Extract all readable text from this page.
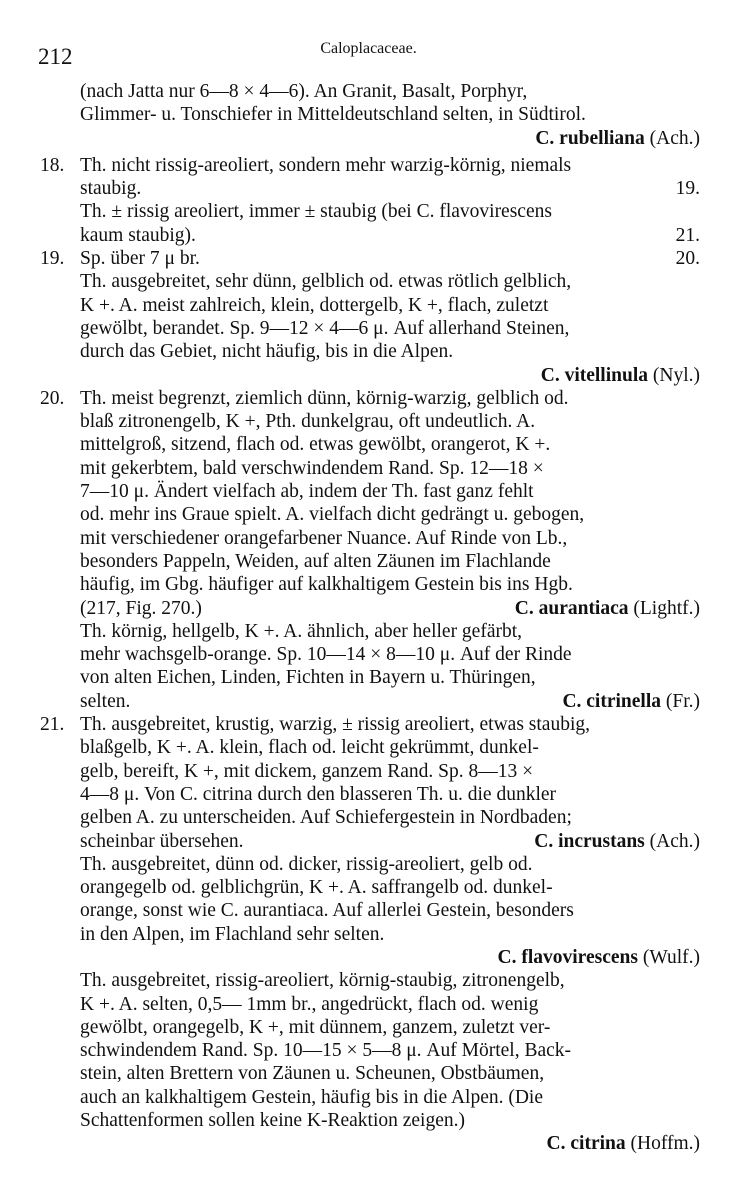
212	Caloplacaceae.
(nach Jatta nur 6—8 × 4—6). An Granit, Basalt, Porphyr,
Glimmer- u. Tonschiefer in Mitteldeutschland selten, in Südtirol.
C. rubelliana (Ach.)
18. Th. nicht rissig-areoliert, sondern mehr warzig-körnig, niemals
staubig.	19.
Th. ± rissig areoliert, immer ± staubig (bei C. flavovirescens
kaum staubig).	21.
19. Sp. über 7 μ br.	20.
Th. ausgebreitet, sehr dünn, gelblich od. etwas rötlich gelblich,
K +. A. meist zahlreich, klein, dottergelb, K +, flach, zuletzt
gewölbt, berandet. Sp. 9—12 × 4—6 μ. Auf allerhand Steinen,
durch das Gebiet, nicht häufig, bis in die Alpen.
C. vitellinula (Nyl.)
20. Th. meist begrenzt, ziemlich dünn, körnig-warzig, gelblich od.
blaß zitronengelb, K +, Pth. dunkelgrau, oft undeutlich. A.
mittelgroß, sitzend, flach od. etwas gewölbt, orangerot, K +.
mit gekerbtem, bald verschwindendem Rand. Sp. 12—18 ×
7—10 μ. Ändert vielfach ab, indem der Th. fast ganz fehlt
od. mehr ins Graue spielt. A. vielfach dicht gedrängt u. gebogen,
mit verschiedener orangefarbener Nuance. Auf Rinde von Lb.,
besonders Pappeln, Weiden, auf alten Zäunen im Flachlande
häufig, im Gbg. häufiger auf kalkhaltigem Gestein bis ins Hgb.
(217, Fig. 270.)	C. aurantiaca (Lightf.)
Th. körnig, hellgelb, K +. A. ähnlich, aber heller gefärbt,
mehr wachsgelb-orange. Sp. 10—14 × 8—10 μ. Auf der Rinde
von alten Eichen, Linden, Fichten in Bayern u. Thüringen,
selten.	C. citrinella (Fr.)
21. Th. ausgebreitet, krustig, warzig, ± rissig areoliert, etwas staubig,
blaßgelb, K +. A. klein, flach od. leicht gekrümmt, dunkel-
gelb, bereift, K +, mit dickem, ganzem Rand. Sp. 8—13 ×
4—8 μ. Von C. citrina durch den blasseren Th. u. die dunkler
gelben A. zu unterscheiden. Auf Schiefergestein in Nordbaden;
scheinbar übersehen.	C. incrustans (Ach.)
Th. ausgebreitet, dünn od. dicker, rissig-areoliert, gelb od.
orangegelb od. gelblichgrün, K +. A. saffrangelb od. dunkel-
orange, sonst wie C. aurantiaca. Auf allerlei Gestein, besonders
in den Alpen, im Flachland sehr selten.
C. flavovirescens (Wulf.)
Th. ausgebreitet, rissig-areoliert, körnig-staubig, zitronengelb,
K +. A. selten, 0,5— 1mm br., angedrückt, flach od. wenig
gewölbt, orangegelb, K +, mit dünnem, ganzem, zuletzt ver-
schwindendem Rand. Sp. 10—15 × 5—8 μ. Auf Mörtel, Back-
stein, alten Brettern von Zäunen u. Scheunen, Obstbäumen,
auch an kalkhaltigem Gestein, häufig bis in die Alpen. (Die
Schattenformen sollen keine K-Reaktion zeigen.)
C. citrina (Hoffm.)
